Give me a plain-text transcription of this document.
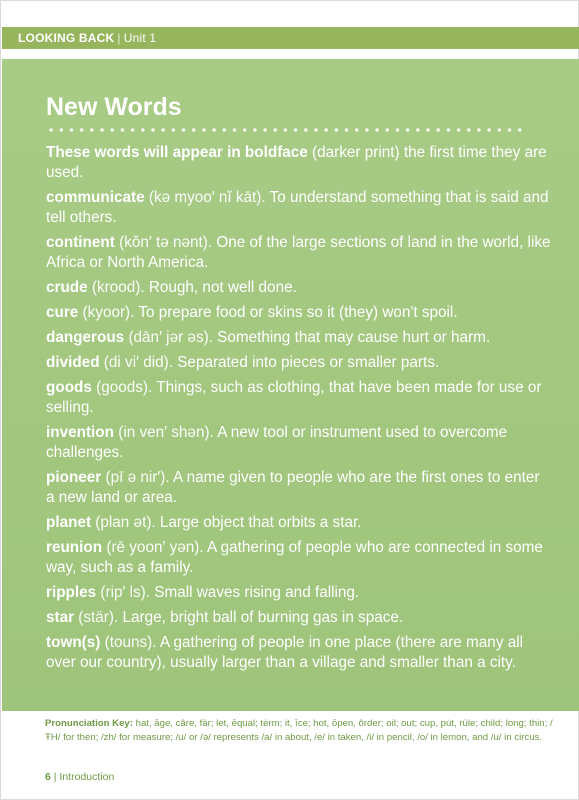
LOOKING BACK | Unit 1
New Words
These words will appear in boldface (darker print) the first time they are used.
communicate (kə myoo′ nĭ kāt). To understand something that is said and tell others.
continent (kŏn′ tə nənt). One of the large sections of land in the world, like Africa or North America.
crude (krood). Rough, not well done.
cure (kyoor). To prepare food or skins so it (they) won't spoil.
dangerous (dān′ jər əs). Something that may cause hurt or harm.
divided (di vi′ did). Separated into pieces or smaller parts.
goods (goods). Things, such as clothing, that have been made for use or selling.
invention (in ven′ shən). A new tool or instrument used to overcome challenges.
pioneer (pī ə nir′). A name given to people who are the first ones to enter a new land or area.
planet (plan ət). Large object that orbits a star.
reunion (rē yoon′ yən). A gathering of people who are connected in some way, such as a family.
ripples (rip′ ls). Small waves rising and falling.
star (stär). Large, bright ball of burning gas in space.
town(s) (touns). A gathering of people in one place (there are many all over our country), usually larger than a village and smaller than a city.
Pronunciation Key: hat, āge, câre, fär; let, ēqual; tėrm; it, īce; hot, ōpen, ôrder; oil; out; cup, pu̇t, rüle; child; long; thin; /ŦH/ for then; /zh/ for measure; /u/ or /ə/ represents /a/ in about, /e/ in taken, /i/ in pencil, /o/ in lemon, and /u/ in circus.
6 | Introduction
